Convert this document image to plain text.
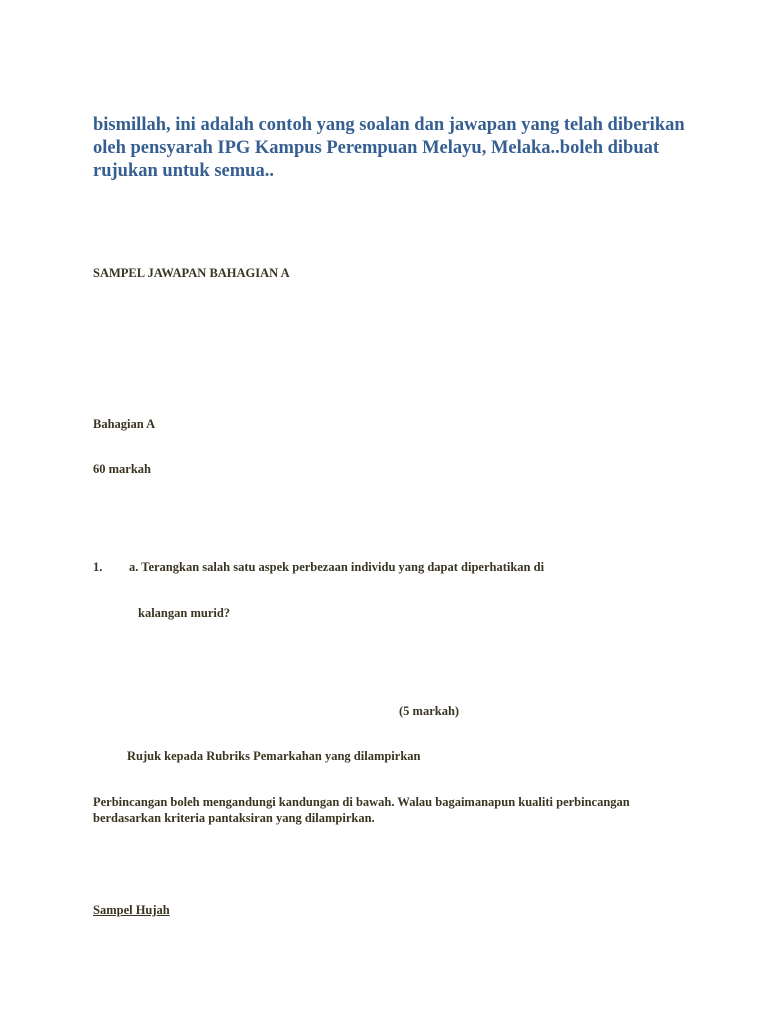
bismillah, ini adalah contoh yang soalan dan jawapan yang telah diberikan oleh pensyarah IPG Kampus Perempuan Melayu, Melaka..boleh dibuat rujukan untuk semua..
SAMPEL JAWAPAN BAHAGIAN A
Bahagian A
60 markah
1. a. Terangkan salah satu aspek perbezaan individu yang dapat diperhatikan di
kalangan murid?
(5 markah)
Rujuk kepada Rubriks Pemarkahan yang dilampirkan
Perbincangan boleh mengandungi kandungan di bawah. Walau bagaimanapun kualiti perbincangan berdasarkan kriteria pantaksiran yang dilampirkan.
Sampel Hujah
